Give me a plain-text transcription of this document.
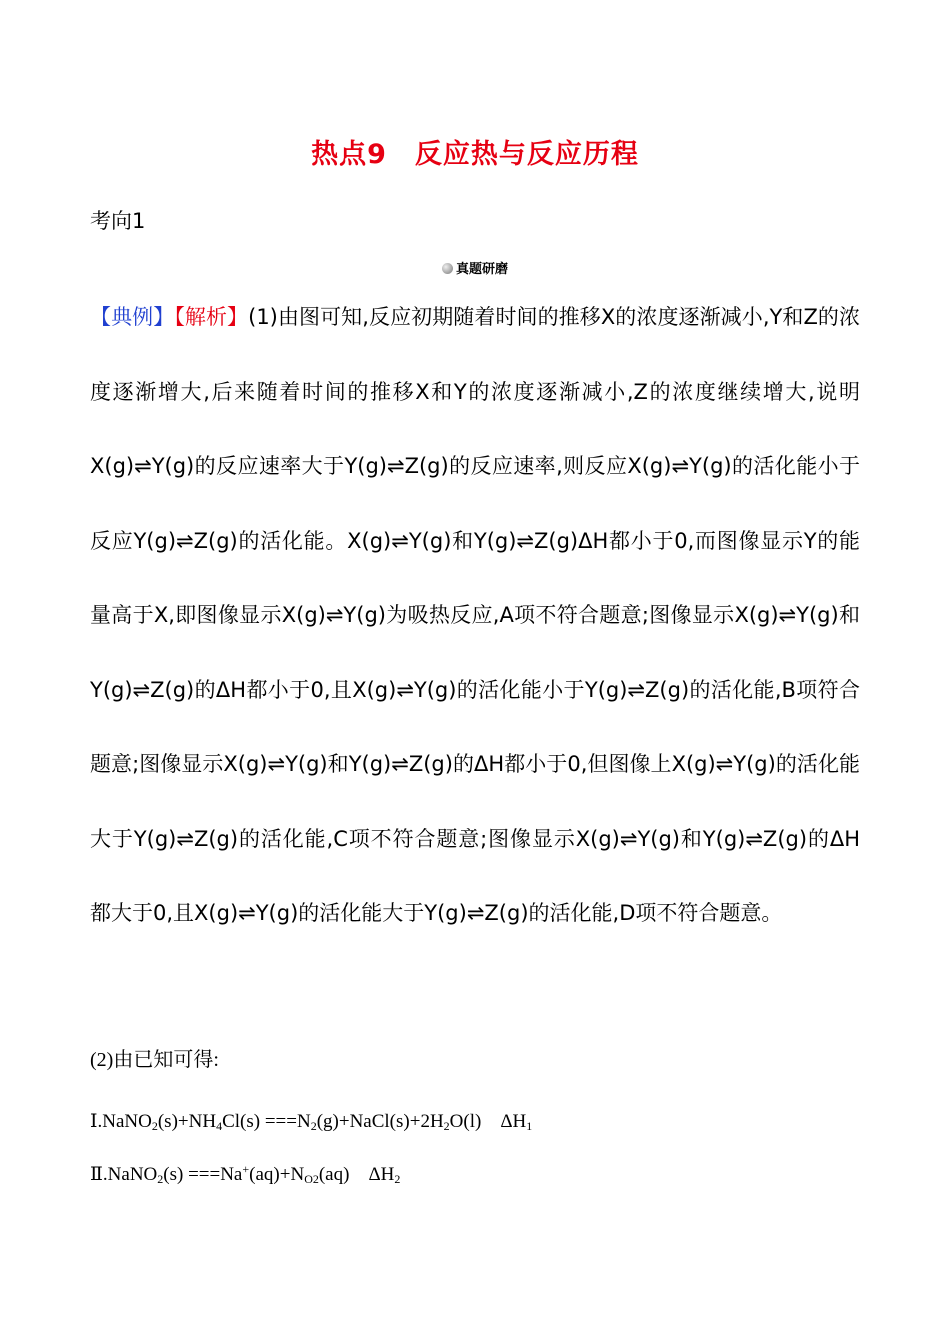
热点9　反应热与反应历程
考向1
真题研磨
【典例】【解析】(1)由图可知,反应初期随着时间的推移X的浓度逐渐减小,Y和Z的浓度逐渐增大,后来随着时间的推移X和Y的浓度逐渐减小,Z的浓度继续增大,说明X(g)⇌Y(g)的反应速率大于Y(g)⇌Z(g)的反应速率,则反应X(g)⇌Y(g)的活化能小于反应Y(g)⇌Z(g)的活化能。X(g)⇌Y(g)和Y(g)⇌Z(g)ΔH都小于0,而图像显示Y的能量高于X,即图像显示X(g)⇌Y(g)为吸热反应,A项不符合题意;图像显示X(g)⇌Y(g)和Y(g)⇌Z(g)的ΔH都小于0,且X(g)⇌Y(g)的活化能小于Y(g)⇌Z(g)的活化能,B项符合题意;图像显示X(g)⇌Y(g)和Y(g)⇌Z(g)的ΔH都小于0,但图像上X(g)⇌Y(g)的活化能大于Y(g)⇌Z(g)的活化能,C项不符合题意;图像显示X(g)⇌Y(g)和Y(g)⇌Z(g)的ΔH都大于0,且X(g)⇌Y(g)的活化能大于Y(g)⇌Z(g)的活化能,D项不符合题意。
(2)由已知可得:
$Ⅰ.NaNO_2(s)+NH_4Cl(s)$ $===N_2(g)+NaCl(s)+2H_2O(l)$　$\Delta H_1$
Ⅱ.NaNO$_2$(s) $===Na^+(aq)+N_{O2}(aq)$　$\Delta H_2$
